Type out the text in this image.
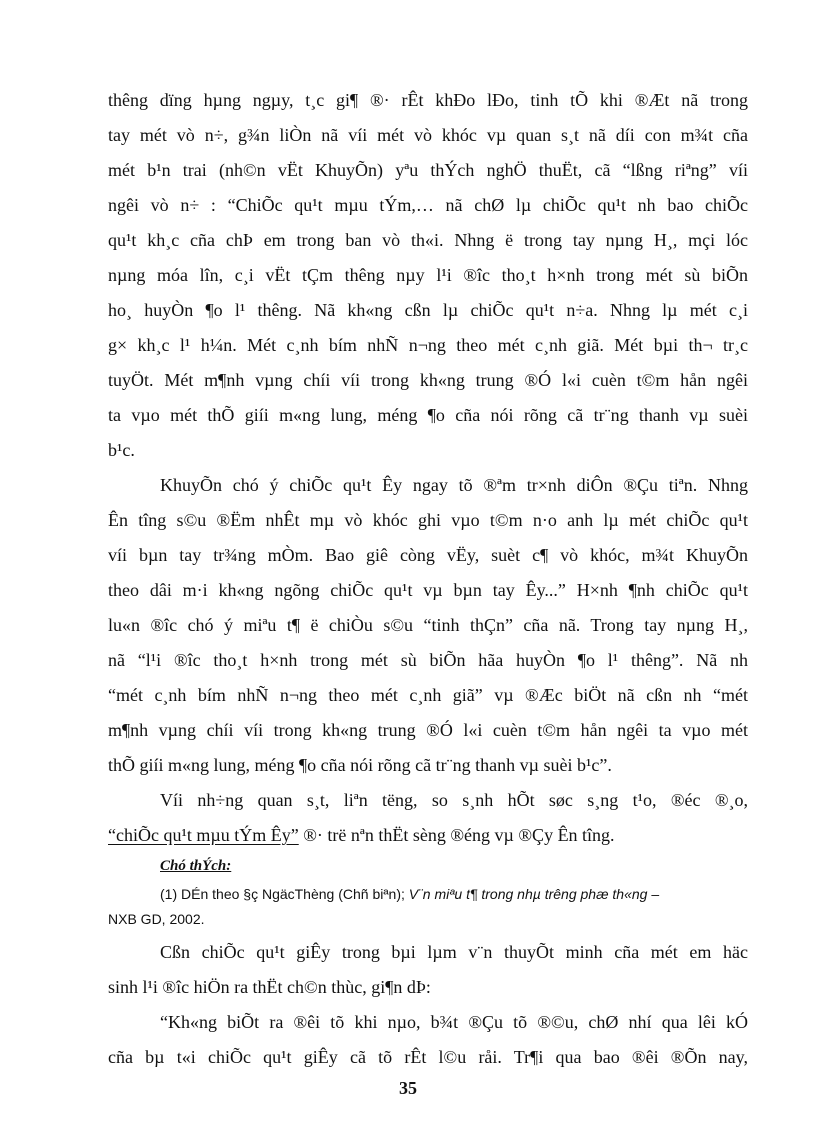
thêng dïng hµng ngµy, t¸c gi¶ ®· rÊt khÐo lÐo, tinh tÕ khi ®Æt nã trong
tay mét vò n÷, g¾n liÒn nã víi mét vò khóc vµ quan s¸t nã díi con m¾t cña
mét b¹n trai (nh©n vËt KhuyÕn) yªu thÝch nghÖ thuËt, cã “lßng riªng” víi
ngêi vò n÷ : “ChiÕc qu¹t mµu tÝm,… nã chØ lµ chiÕc qu¹t nh bao chiÕc
qu¹t kh¸c cña chÞ em trong ban vò th«i. Nhng ë trong tay nµng H¸, mçi lóc
nµng móa lîn, c¸i vËt tÇm thêng nµy l¹i ®îc tho¸t h×nh trong mét sù biÕn
ho¸ huyÒn ¶o l¹ thêng. Nã kh«ng cßn lµ chiÕc qu¹t n÷a. Nhng lµ mét c¸i
g× kh¸c l¹ h¼n. Mét c¸nh bím nhÑ n¬ng theo mét c¸nh giã. Mét bµi th¬ tr¸c
tuyÖt. Mét m¶nh vµng chíi víi trong kh«ng trung ®Ó l«i cuèn t©m hån ngêi
ta vµo mét thÕ giíi m«ng lung, méng ¶o cña nói rõng cã tr¨ng thanh vµ suèi
b¹c.
KhuyÕn chó ý chiÕc qu¹t Êy ngay tõ ®ªm tr×nh diÔn ®Çu tiªn. Nhng
Ên tîng s©u ®Ëm nhÊt mµ vò khóc ghi vµo t©m n·o anh lµ mét chiÕc qu¹t
víi bµn tay tr¾ng mÒm. Bao giê còng vËy, suèt c¶ vò khóc, m¾t KhuyÕn
theo dâi m·i kh«ng ngõng chiÕc qu¹t vµ bµn tay Êy...” H×nh ¶nh chiÕc qu¹t
lu«n ®îc chó ý miªu t¶ ë chiÒu s©u “tinh thÇn” cña nã. Trong tay nµng H¸,
nã “l¹i ®îc tho¸t h×nh trong mét sù biÕn hãa huyÒn ¶o l¹ thêng”. Nã nh
“mét c¸nh bím nhÑ n¬ng theo mét c¸nh giã” vµ ®Æc biÖt nã cßn nh “mét
m¶nh vµng chíi víi trong kh«ng trung ®Ó l«i cuèn t©m hån ngêi ta vµo mét
thÕ giíi m«ng lung, méng ¶o cña nói rõng cã tr¨ng thanh vµ suèi b¹c”.
Víi nh÷ng quan s¸t, liªn tëng, so s¸nh hÕt søc s¸ng t¹o, ®éc ®¸o,
“chiÕc qu¹t mµu tÝm Êy” ®· trë nªn thËt sèng ®éng vµ ®Çy Ên tîng.
Chó thÝch:
(1) DÉn theo §ç NgäcThèng (Chñ biªn); V¨n miªu t¶ trong nhµ trêng phæ th«ng –
NXB GD, 2002.
Cßn chiÕc qu¹t giÊy trong bµi lµm v¨n thuyÕt minh cña mét em häc
sinh l¹i ®îc hiÖn ra thËt ch©n thùc, gi¶n dÞ:
“Kh«ng biÕt ra ®êi tõ khi nµo, b¾t ®Çu tõ ®©u, chØ nhí qua lêi kÓ
cña bµ t«i chiÕc qu¹t giÊy cã tõ rÊt l©u råi. Tr¶i qua bao ®êi ®Õn nay,
35
